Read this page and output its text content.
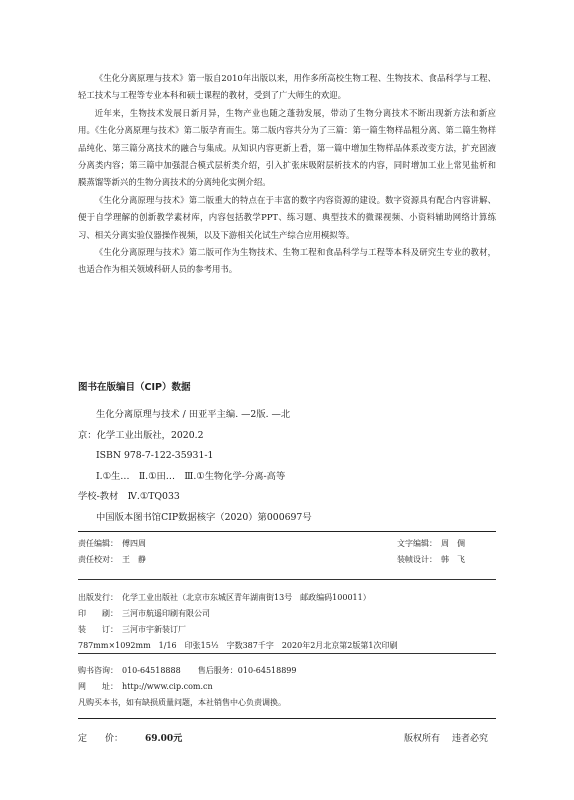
《生化分离原理与技术》第一版自2010年出版以来，用作多所高校生物工程、生物技术、食品科学与工程、轻工技术与工程等专业本科和硕士课程的教材，受到了广大师生的欢迎。

近年来，生物技术发展日新月异，生物产业也随之蓬勃发展，带动了生物分离技术不断出现新方法和新应用。《生化分离原理与技术》第二版孕育而生。第二版内容共分为了三篇：第一篇生物样品粗分离、第二篇生物样品纯化、第三篇分离技术的融合与集成。从知识内容更新上看，第一篇中增加生物样品体系改变方法，扩充固液分离类内容；第三篇中加强混合模式层析类介绍，引入扩张床吸附层析技术的内容，同时增加工业上常见盐析和膜蒸馏等新兴的生物分离技术的分离纯化实例介绍。

《生化分离原理与技术》第二版重大的特点在于丰富的数字内容资源的建设。数字资源具有配合内容讲解、便于自学理解的创新教学素材库，内容包括教学PPT、练习题、典型技术的微课视频、小资料辅助网络计算练习、相关分离实验仪器操作视频，以及下游相关化试生产综合应用模拟等。

《生化分离原理与技术》第二版可作为生物技术、生物工程和食品科学与工程等本科及研究生专业的教材，也适合作为相关领域科研人员的参考用书。

图书在版编目（CIP）数据
生化分离原理与技术 / 田亚平主编. —2版. —北
京：化学工业出版社，2020.2
ISBN 978-7-122-35931-1
Ⅰ.①生…　Ⅱ.①田…　Ⅲ.①生物化学-分离-高等
学校-教材　Ⅳ.①TQ033
中国版本图书馆CIP数据核字（2020）第000697号
责任编辑： 傅四周
责任校对： 王　静
文字编辑： 周　倜
装帧设计： 韩　飞
出版发行： 化学工业出版社（北京市东城区青年湖南街13号　邮政编码100011）
印　　刷： 三河市航遥印刷有限公司
装　　订： 三河市宇新装订厂
787mm×1092mm　1/16　印张15½　字数387千字　2020年2月北京第2版第1次印刷
购书咨询： 010-64518888 售后服务：010-64518899
网　　址： http://www.cip.com.cn
凡购买本书，如有缺损质量问题，本社销售中心负责调换。
定　　价： 69.00元	版权所有 违者必究
